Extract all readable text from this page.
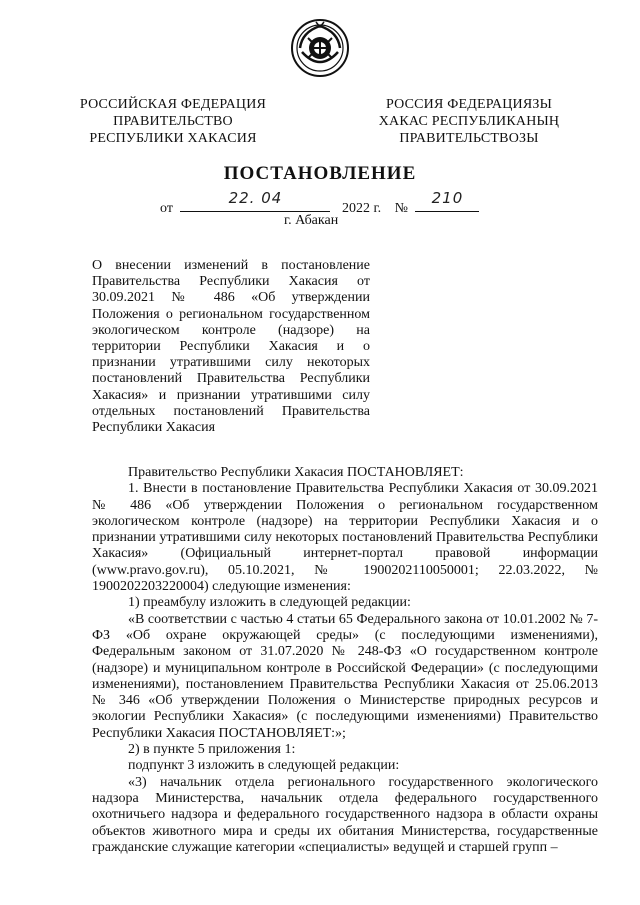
РОССИЙСКАЯ ФЕДЕРАЦИЯ
ПРАВИТЕЛЬСТВО
РЕСПУБЛИКИ ХАКАСИЯ
РОССИЯ ФЕДЕРАЦИЯЗЫ
ХАКАС РЕСПУБЛИКАНЫҢ
ПРАВИТЕЛЬСТВОЗЫ
ПОСТАНОВЛЕНИЕ
от
22. 04
2022 г. №
210
г. Абакан
О внесении изменений в постановление Правительства Республики Хакасия от 30.09.2021 № 486 «Об утверждении Положения о региональном государственном экологическом контроле (надзоре) на территории Республики Хакасия и о признании утратившими силу некоторых постановлений Правительства Республики Хакасия» и признании утратившими силу отдельных постановлений Правительства Республики Хакасия

Правительство Республики Хакасия ПОСТАНОВЛЯЕТ:

1. Внести в постановление Правительства Республики Хакасия от 30.09.2021 № 486 «Об утверждении Положения о региональном государственном экологическом контроле (надзоре) на территории Республики Хакасия и о признании утратившими силу некоторых постановлений Правительства Республики Хакасия» (Официальный интернет-портал правовой информации (www.pravo.gov.ru), 05.10.2021, № 1900202110050001; 22.03.2022, № 1900202203220004) следующие изменения:

1) преамбулу изложить в следующей редакции:

«В соответствии с частью 4 статьи 65 Федерального закона от 10.01.2002 № 7-ФЗ «Об охране окружающей среды» (с последующими изменениями), Федеральным законом от 31.07.2020 № 248-ФЗ «О государственном контроле (надзоре) и муниципальном контроле в Российской Федерации» (с последующими изменениями), постановлением Правительства Республики Хакасия от 25.06.2013 № 346 «Об утверждении Положения о Министерстве природных ресурсов и экологии Республики Хакасия» (с последующими изменениями) Правительство Республики Хакасия ПОСТАНОВЛЯЕТ:»;

2) в пункте 5 приложения 1:

подпункт 3 изложить в следующей редакции:

«3) начальник отдела регионального государственного экологического надзора Министерства, начальник отдела федерального государственного охотничьего надзора и федерального государственного надзора в области охраны объектов животного мира и среды их обитания Министерства, государственные гражданские служащие категории «специалисты» ведущей и старшей групп –
